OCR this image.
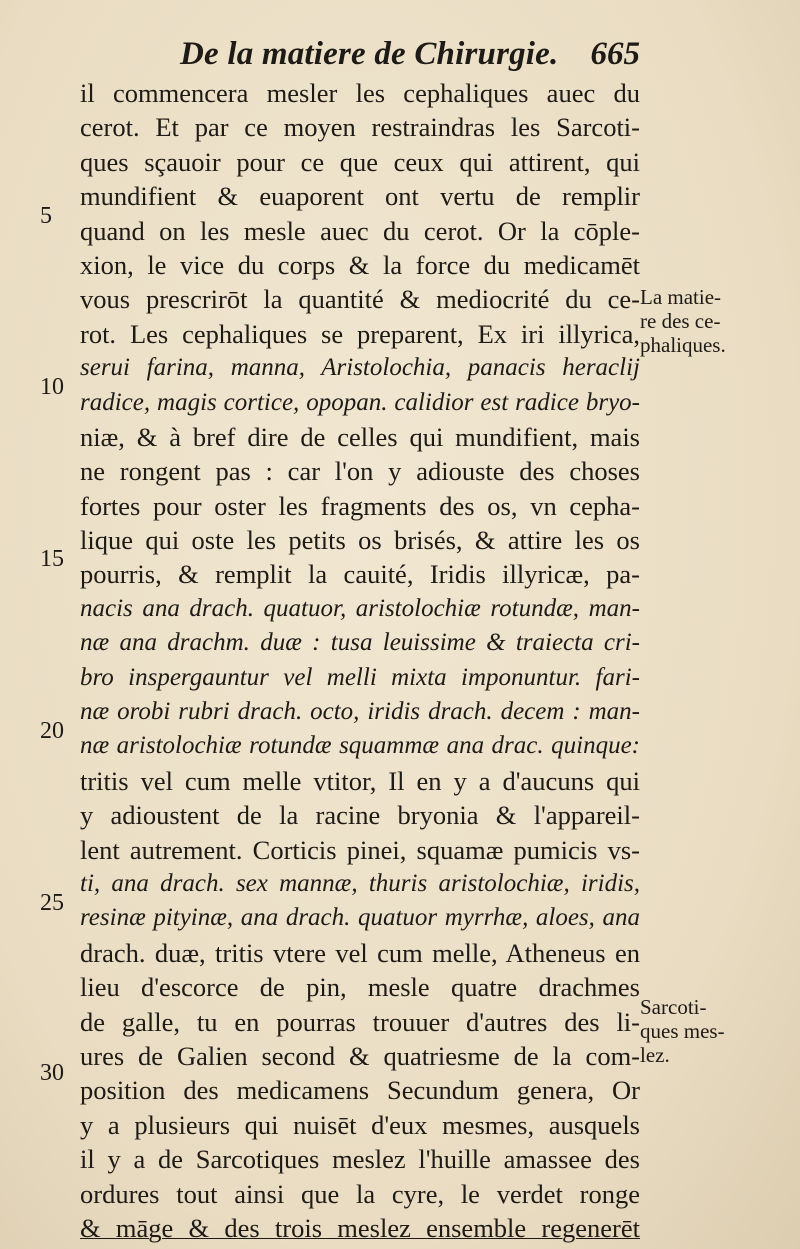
De la matiere de Chirurgie. 665
il commencera mesler les cephaliques auec du
cerot. Et par ce moyen restraindras les Sarcoti-
ques sçauoir pour ce que ceux qui attirent, qui
mundifient & euaporent ont vertu de remplir
quand on les mesle auec du cerot. Or la cōple-
xion, le vice du corps & la force du medicamēt
vous prescrirōt la quantité & mediocrité du ce-
rot. Les cephaliques se preparent, Ex iri illyrica,
serui farina, manna, Aristolochia, panacis heraclij
radice, magis cortice, opopan. calidior est radice bryo-
niæ, & à bref dire de celles qui mundifient, mais
ne rongent pas : car l'on y adiouste des choses
fortes pour oster les fragments des os, vn cepha-
lique qui oste les petits os brisés, & attire les os
pourris, & remplit la cauité, Iridis illyricæ, pa-
nacis ana drach. quatuor, aristolochiæ rotundæ, man-
næ ana drachm. duæ : tusa leuissime & traiecta cri-
bro inspergauntur vel melli mixta imponuntur. fari-
næ orobi rubri drach. octo, iridis drach. decem : man-
næ aristolochiæ rotundæ squammæ ana drac. quinque:
tritis vel cum melle vtitor, Il en y a d'aucuns qui
y adioustent de la racine bryonia & l'appareil-
lent autrement. Corticis pinei, squamæ pumicis vs-
ti, ana drach. sex mannæ, thuris aristolochiæ, iridis,
resinæ pityinæ, ana drach. quatuor myrrhæ, aloes, ana
drach. duæ, tritis vtere vel cum melle, Atheneus en
lieu d'escorce de pin, mesle quatre drachmes
de galle, tu en pourras trouuer d'autres des li-
ures de Galien second & quatriesme de la com-
position des medicamens Secundum genera, Or
y a plusieurs qui nuisēt d'eux mesmes, ausquels
il y a de Sarcotiques meslez l'huille amassee des
ordures tout ainsi que la cyre, le verdet ronge
& māge & des trois meslez ensemble regenerēt
5
10
15
20
25
30
La matie-
re des ce-
phaliques.
Sarcoti-
ques mes-
lez.
